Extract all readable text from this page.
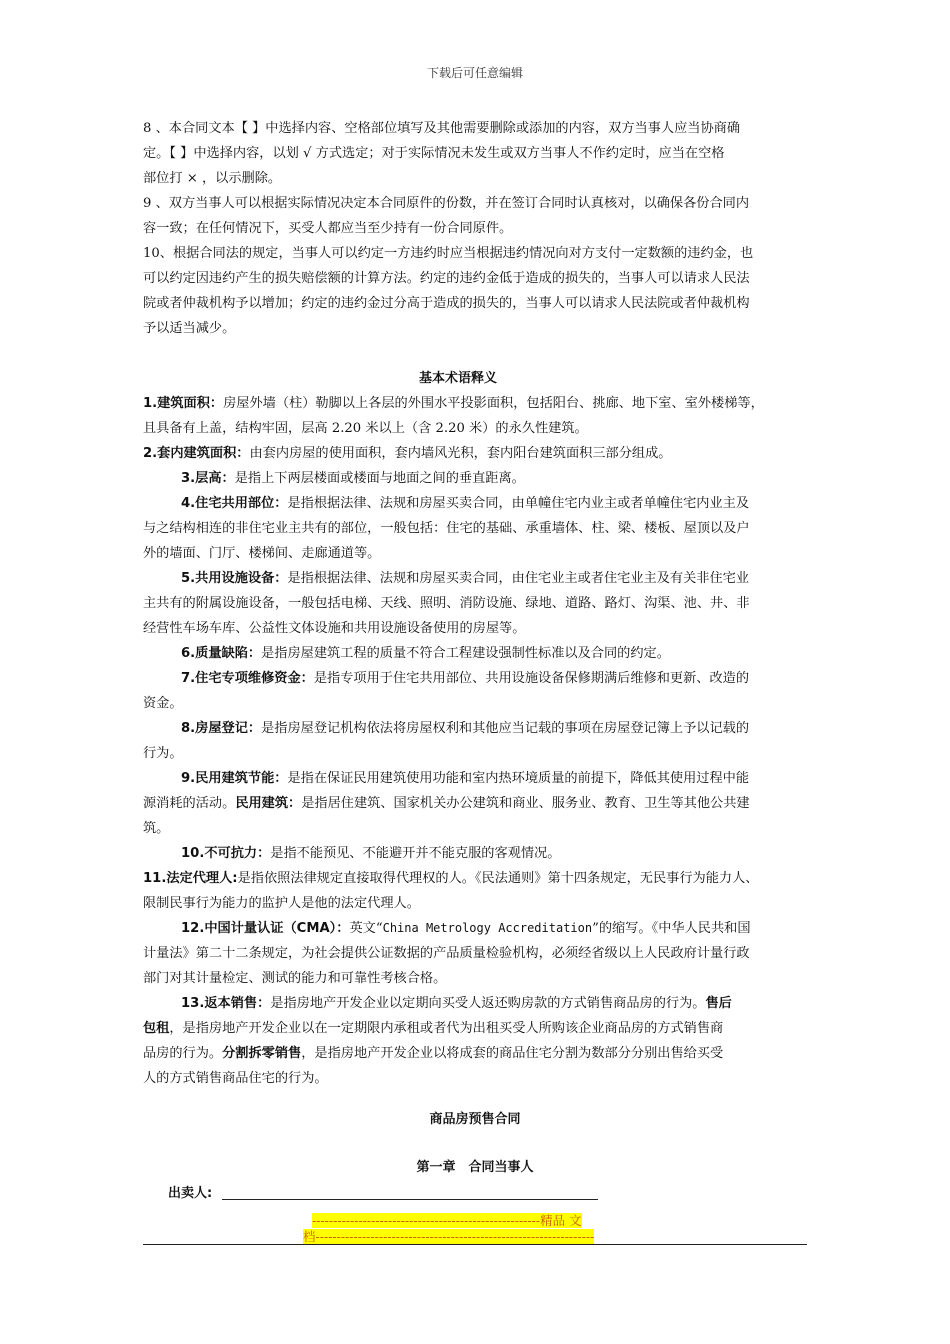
下载后可任意编辑
8 、本合同文本【 】中选择内容、空格部位填写及其他需要删除或添加的内容，双方当事人应当协商确
定。【 】中选择内容，以划 √ 方式选定；对于实际情况未发生或双方当事人不作约定时，应当在空格
部位打 × ，以示删除。
9 、双方当事人可以根据实际情况决定本合同原件的份数，并在签订合同时认真核对，以确保各份合同内
容一致；在任何情况下，买受人都应当至少持有一份合同原件。
10、根据合同法的规定，当事人可以约定一方违约时应当根据违约情况向对方支付一定数额的违约金，也
可以约定因违约产生的损失赔偿额的计算方法。约定的违约金低于造成的损失的，当事人可以请求人民法
院或者仲裁机构予以增加；约定的违约金过分高于造成的损失的，当事人可以请求人民法院或者仲裁机构
予以适当减少。
基本术语释义
1.建筑面积：房屋外墙（柱）勒脚以上各层的外围水平投影面积，包括阳台、挑廊、地下室、室外楼梯等，
且具备有上盖，结构牢固，层高 2.20 米以上（含 2.20 米）的永久性建筑。
2.套内建筑面积：由套内房屋的使用面积，套内墙风光积，套内阳台建筑面积三部分组成。
3.层高：是指上下两层楼面或楼面与地面之间的垂直距离。
4.住宅共用部位：是指根据法律、法规和房屋买卖合同，由单幢住宅内业主或者单幢住宅内业主及
与之结构相连的非住宅业主共有的部位，一般包括：住宅的基础、承重墙体、柱、梁、楼板、屋顶以及户
外的墙面、门厅、楼梯间、走廊通道等。
5.共用设施设备：是指根据法律、法规和房屋买卖合同，由住宅业主或者住宅业主及有关非住宅业
主共有的附属设施设备，一般包括电梯、天线、照明、消防设施、绿地、道路、路灯、沟渠、池、井、非
经营性车场车库、公益性文体设施和共用设施设备使用的房屋等。
6.质量缺陷：是指房屋建筑工程的质量不符合工程建设强制性标准以及合同的约定。
7.住宅专项维修资金：是指专项用于住宅共用部位、共用设施设备保修期满后维修和更新、改造的
资金。
8.房屋登记：是指房屋登记机构依法将房屋权利和其他应当记载的事项在房屋登记簿上予以记载的
行为。
9.民用建筑节能：是指在保证民用建筑使用功能和室内热环境质量的前提下，降低其使用过程中能
源消耗的活动。民用建筑：是指居住建筑、国家机关办公建筑和商业、服务业、教育、卫生等其他公共建
筑。
10.不可抗力：是指不能预见、不能避开并不能克服的客观情况。
11.法定代理人:是指依照法律规定直接取得代理权的人。《民法通则》第十四条规定，无民事行为能力人、
限制民事行为能力的监护人是他的法定代理人。
12.中国计量认证（CMA）：英文“China Metrology Accreditation”的缩写。《中华人民共和国
计量法》第二十二条规定，为社会提供公证数据的产品质量检验机构，必须经省级以上人民政府计量行政
部门对其计量检定、测试的能力和可靠性考核合格。
13.返本销售：是指房地产开发企业以定期向买受人返还购房款的方式销售商品房的行为。售后
包租，是指房地产开发企业以在一定期限内承租或者代为出租买受人所购该企业商品房的方式销售商
品房的行为。分割拆零销售，是指房地产开发企业以将成套的商品住宅分割为数部分分别出售给买受
人的方式销售商品住宅的行为。
商品房预售合同
第一章　合同当事人
出卖人:
------------------------------------------------------精品 文
档------------------------------------------------------------------
